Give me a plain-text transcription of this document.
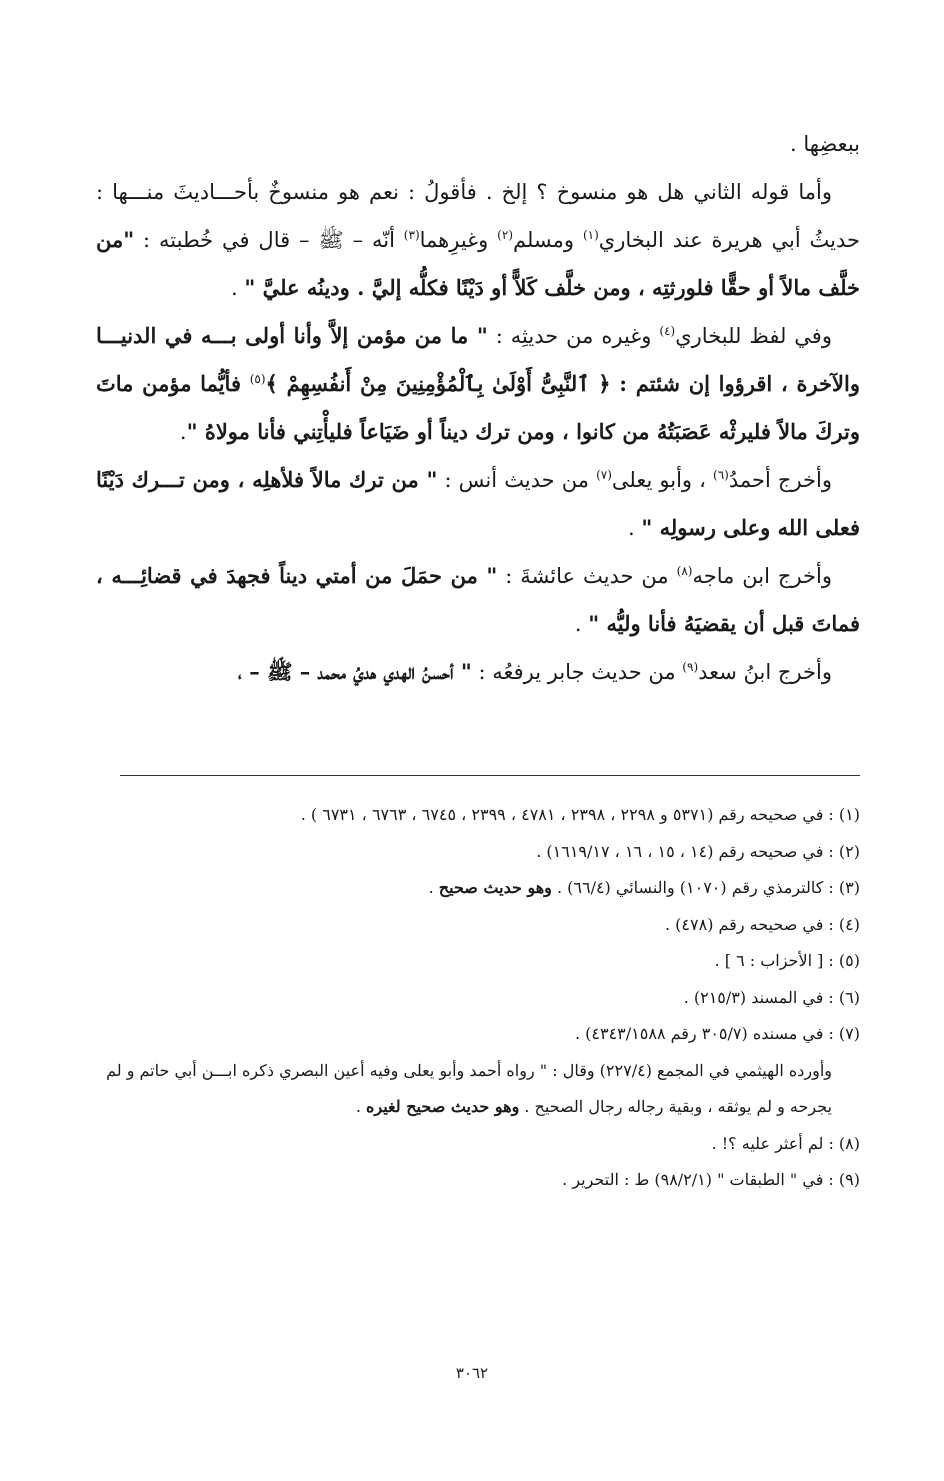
ببعضِها .

وأما قوله الثاني هل هو منسوخ ؟ إلخ . فأقولُ : نعم هو منسوخٌ بأحـــاديثَ منـــها : حديثُ أبي هريرة عند البخاري$^{(١)}$ ومسلم$^{(٢)}$ وغيرِهما$^{(٣)}$ أنّه – ﷺ – قال في خُطبته : "من خلَّف مالاً أو حقًّا فلورثتِه ، ومن خلَّف كَلاًّ أو دَيْنًا فكلُّه إليَّ . ودينُه عليَّ " .

وفي لفظ للبخاري$^{(٤)}$ وغيره من حديثِه : " ما من مؤمن إلاَّ وأنا أولى بـــه في الدنيـــا والآخرة ، اقرؤوا إن شئتم : ﴿ ٱلنَّبِىُّ أَوْلَىٰ بِٱلْمُؤْمِنِينَ مِنْ أَنفُسِهِمْ ﴾$^{(٥)}$ فأيُّما مؤمن ماتَ وتركَ مالاً فليرثْه عَصَبَتُهُ من كانوا ، ومن ترك ديناً أو ضَيَاعاً فليأْتِني فأنا مولاهُ ".

وأخرج أحمدُ$^{(٦)}$ ، وأبو يعلى$^{(٧)}$ من حديث أنس : " من ترك مالاً فلأهلِه ، ومن تـــرك دَيْنًا فعلى الله وعلى رسولِه " .

وأخرج ابن ماجه$^{(٨)}$ من حديث عائشةَ : " من حمَلَ من أمتي ديناً فجهدَ في قضائِـــه ، فماتَ قبل أن يقضيَهُ فأنا وليُّه " .

وأخرج ابنُ سعد$^{(٩)}$ من حديث جابر يرفعُه : " أحسنُ الهدي هديُ محمد – ﷺ – ،

(١) : في صحيحه رقم (٥٣٧١ و ٢٢٩٨ ، ٢٣٩٨ ، ٤٧٨١ ، ٢٣٩٩ ، ٦٧٤٥ ، ٦٧٦٣ ، ٦٧٣١ ) .

(٢) : في صحيحه رقم (١٤ ، ١٥ ، ١٦ ، ١٦١٩/١٧) .

(٣) : كالترمذي رقم (١٠٧٠) والنسائي (٦٦/٤) . وهو حديث صحيح .

(٤) : في صحيحه رقم (٤٧٨) .

(٥) : [ الأحزاب : ٦ ] .

(٦) : في المسند (٢١٥/٣) .

(٧) : في مسنده (٣٠٥/٧ رقم ٤٣٤٣/١٥٨٨) .

وأورده الهيثمي في المجمع (٢٢٧/٤) وقال : " رواه أحمد وأبو يعلى وفيه أعين البصري ذكره ابـــن أبي حاتم و لم يجرحه و لم يوثقه ، وبقية رجاله رجال الصحيح . وهو حديث صحيح لغيره .

(٨) : لم أعثر عليه ؟! .

(٩) : في " الطبقات " (٩٨/٢/١) ط : التحرير .

٣٠٦٢
